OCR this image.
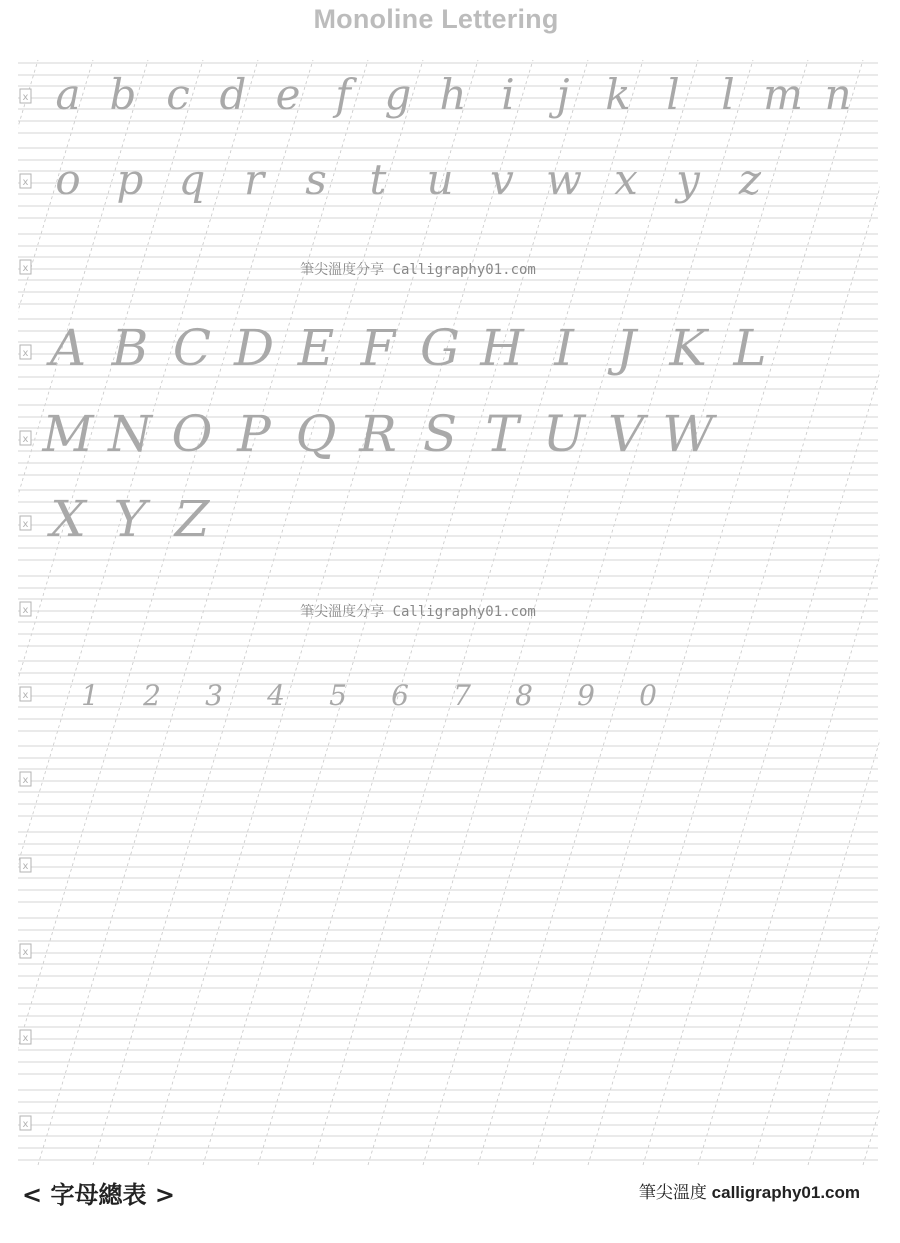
Monoline Lettering
x a b c d e f g h i j k l l m n
x o p q r s t u v w x y z
x	筆尖溫度分享 Calligraphy01.com
x A B C D E F G H I J K L
x M N O P Q R S T U V W
x X Y Z
x	筆尖溫度分享 Calligraphy01.com
x 1 2 3 4 5 6 7 8 9 0
x
x
x
x
x
< 字母總表 >	筆尖溫度 calligraphy01.com
